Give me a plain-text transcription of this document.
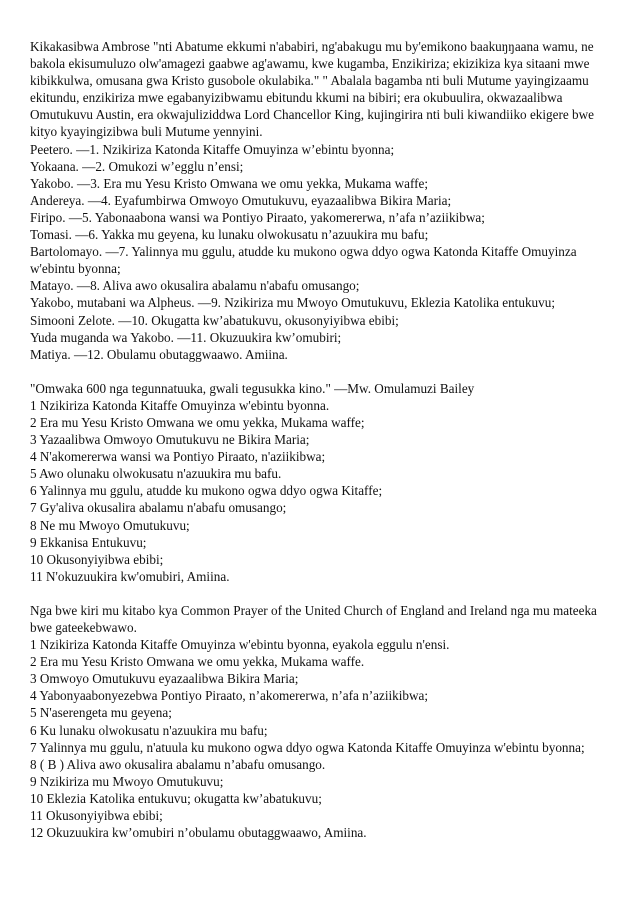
Kikakasibwa Ambrose "nti Abatume ekkumi n'ababiri, ng'abakugu mu by'emikono baakuŋŋaana wamu, ne bakola ekisumuluzo olw'amagezi gaabwe ag'awamu, kwe kugamba, Enzikiriza; ekizikiza kya sitaani mwe kibikkulwa, omusana gwa Kristo gusobole okulabika." " Abalala bagamba nti buli Mutume yayingizaamu ekitundu, enzikiriza mwe egabanyizibwamu ebitundu kkumi na bibiri; era okubuulira, okwazaalibwa Omutukuvu Austin, era okwajuliziddwa Lord Chancellor King, kujingirira nti buli kiwandiiko ekigere bwe kityo kyayingizibwa buli Mutume yennyini.

Peetero. —1. Nzikiriza Katonda Kitaffe Omuyinza w’ebintu byonna;
Yokaana. —2. Omukozi w’egglu n’ensi;
Yakobo. —3. Era mu Yesu Kristo Omwana we omu yekka, Mukama waffe;
Andereya. —4. Eyafumbirwa Omwoyo Omutukuvu, eyazaalibwa Bikira Maria;
Firipo. —5. Yabonaabona wansi wa Pontiyo Piraato, yakomererwa, n’afa n’aziikibwa;
Tomasi. —6. Yakka mu geyena, ku lunaku olwokusatu n’azuukira mu bafu;
Bartolomayo. —7. Yalinnya mu ggulu, atudde ku mukono ogwa ddyo ogwa Katonda Kitaffe Omuyinza w'ebintu byonna;
Matayo. —8. Aliva awo okusalira abalamu n'abafu omusango;
Yakobo, mutabani wa Alpheus. —9. Nzikiriza mu Mwoyo Omutukuvu, Eklezia Katolika entukuvu;
Simooni Zelote. —10. Okugatta kw’abatukuvu, okusonyiyibwa ebibi;
Yuda muganda wa Yakobo. —11. Okuzuukira kw’omubiri;
Matiya. —12. Obulamu obutaggwaawo. Amiina.
"Omwaka 600 nga tegunnatuuka, gwali tegusukka kino." —Mw. Omulamuzi Bailey
1 Nzikiriza Katonda Kitaffe Omuyinza w'ebintu byonna.
2 Era mu Yesu Kristo Omwana we omu yekka, Mukama waffe;
3 Yazaalibwa Omwoyo Omutukuvu ne Bikira Maria;
4 N'akomererwa wansi wa Pontiyo Piraato, n'aziikibwa;
5 Awo olunaku olwokusatu n'azuukira mu bafu.
6 Yalinnya mu ggulu, atudde ku mukono ogwa ddyo ogwa Kitaffe;
7 Gy'aliva okusalira abalamu n'abafu omusango;
8 Ne mu Mwoyo Omutukuvu;
9 Ekkanisa Entukuvu;
10 Okusonyiyibwa ebibi;
11 N'okuzuukira kw'omubiri, Amiina.
Nga bwe kiri mu kitabo kya Common Prayer of the United Church of England and Ireland nga mu mateeka bwe gateekebwawo.
1 Nzikiriza Katonda Kitaffe Omuyinza w'ebintu byonna, eyakola eggulu n'ensi.
2 Era mu Yesu Kristo Omwana we omu yekka, Mukama waffe.
3 Omwoyo Omutukuvu eyazaalibwa Bikira Maria;
4 Yabonyaabonyezebwa Pontiyo Piraato, n’akomererwa, n’afa n’aziikibwa;
5 N'aserengeta mu geyena;
6 Ku lunaku olwokusatu n'azuukira mu bafu;
7 Yalinnya mu ggulu, n'atuula ku mukono ogwa ddyo ogwa Katonda Kitaffe Omuyinza w'ebintu byonna;
8 ( B ) Aliva awo okusalira abalamu n’abafu omusango.
9 Nzikiriza mu Mwoyo Omutukuvu;
10 Eklezia Katolika entukuvu; okugatta kw’abatukuvu;
11 Okusonyiyibwa ebibi;
12 Okuzuukira kw’omubiri n’obulamu obutaggwaawo, Amiina.
